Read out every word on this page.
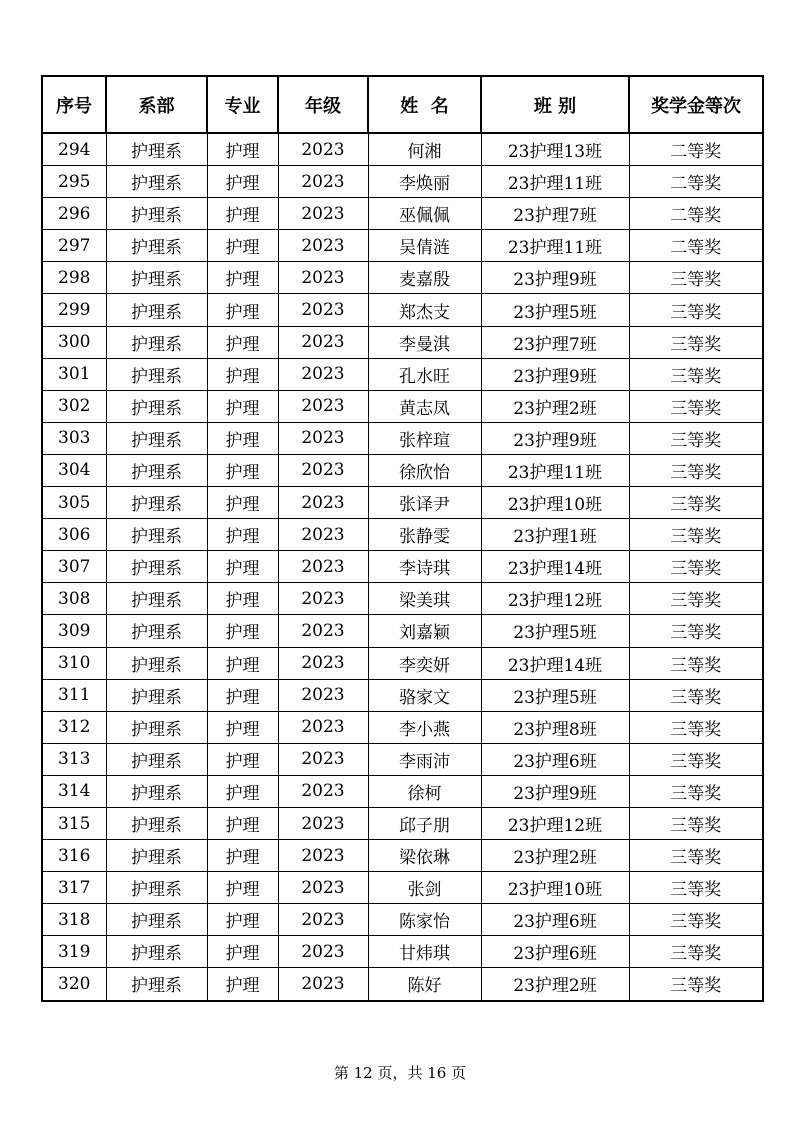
序号	系部	专业	年级	姓  名	班 别	奖学金等次
294	护理系	护理	2023	何湘	23护理13班	二等奖
295	护理系	护理	2023	李焕丽	23护理11班	二等奖
296	护理系	护理	2023	巫佩佩	23护理7班	二等奖
297	护理系	护理	2023	吴倩涟	23护理11班	二等奖
298	护理系	护理	2023	麦嘉殷	23护理9班	三等奖
299	护理系	护理	2023	郑杰支	23护理5班	三等奖
300	护理系	护理	2023	李曼淇	23护理7班	三等奖
301	护理系	护理	2023	孔水旺	23护理9班	三等奖
302	护理系	护理	2023	黄志凤	23护理2班	三等奖
303	护理系	护理	2023	张梓瑄	23护理9班	三等奖
304	护理系	护理	2023	徐欣怡	23护理11班	三等奖
305	护理系	护理	2023	张译尹	23护理10班	三等奖
306	护理系	护理	2023	张静雯	23护理1班	三等奖
307	护理系	护理	2023	李诗琪	23护理14班	三等奖
308	护理系	护理	2023	梁美琪	23护理12班	三等奖
309	护理系	护理	2023	刘嘉颖	23护理5班	三等奖
310	护理系	护理	2023	李奕妍	23护理14班	三等奖
311	护理系	护理	2023	骆家文	23护理5班	三等奖
312	护理系	护理	2023	李小燕	23护理8班	三等奖
313	护理系	护理	2023	李雨沛	23护理6班	三等奖
314	护理系	护理	2023	徐柯	23护理9班	三等奖
315	护理系	护理	2023	邱子朋	23护理12班	三等奖
316	护理系	护理	2023	梁依琳	23护理2班	三等奖
317	护理系	护理	2023	张剑	23护理10班	三等奖
318	护理系	护理	2023	陈家怡	23护理6班	三等奖
319	护理系	护理	2023	甘炜琪	23护理6班	三等奖
320	护理系	护理	2023	陈好	23护理2班	三等奖
第 12 页，共 16 页
